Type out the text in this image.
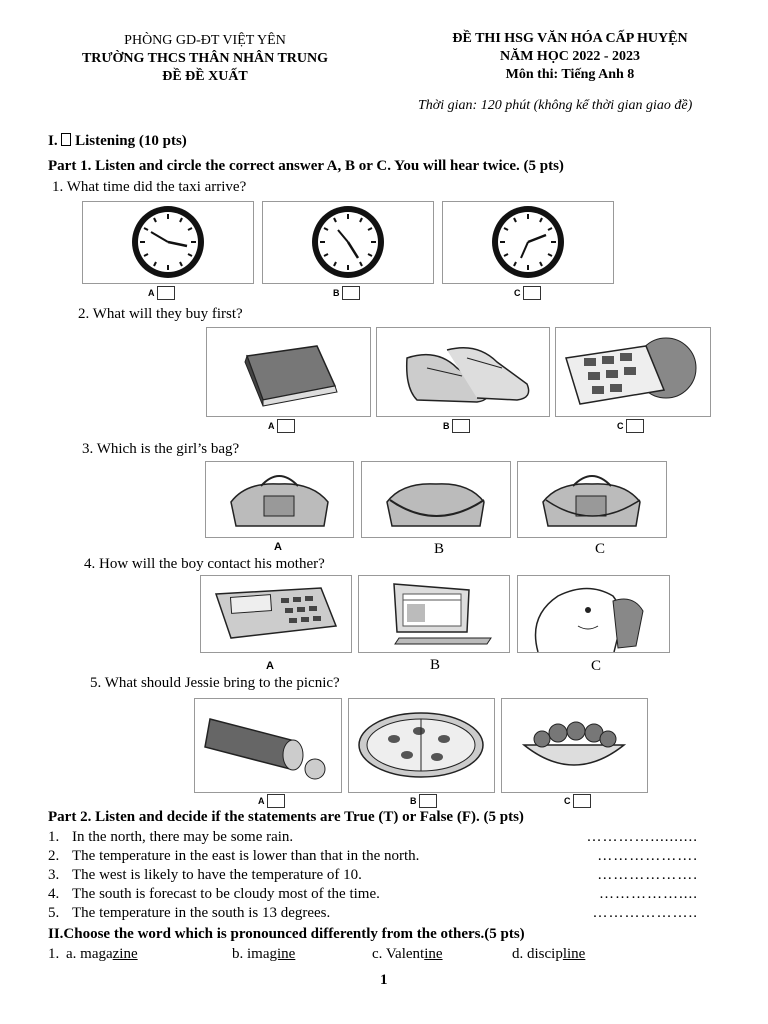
PHÒNG GD-ĐT VIỆT YÊN
TRƯỜNG THCS THÂN NHÂN TRUNG
ĐỀ ĐỀ XUẤT
ĐỀ THI HSG VĂN HÓA CẤP HUYỆN
NĂM HỌC 2022 - 2023
Môn thi: Tiếng Anh 8
Thời gian: 120 phút (không kể thời gian giao đề)
I.  Listening (10 pts)
Part 1. Listen and circle the correct answer A, B or C. You will hear twice. (5 pts)
1. What time did the taxi arrive?
A	B	C
2. What will they buy first?
A	B	C
3. Which is the girl’s bag?
A	B	C
4. How will the boy contact his mother?
A	B	C
5. What should Jessie bring to the picnic?
A	B	C
Part 2. Listen and decide if the statements are True (T) or False (F). (5 pts)
1. In the north, there may be some rain.	…………..........
2. The temperature in the east is lower than that in the north.	……………….
3. The west is likely to have the temperature of 10.	……………….
4. The south is forecast to be cloudy most of the time.	……………....
5. The temperature in the south is 13 degrees.	………………..
II.Choose the word which is pronounced differently from the others.(5 pts)
1. a. magazine	b. imagine	c. Valentine	d. discipline
1
